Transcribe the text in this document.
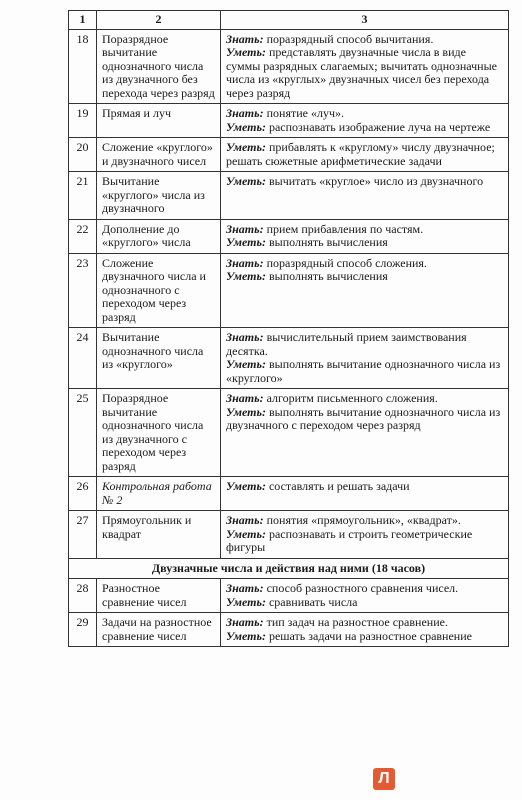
1	2	3
18	Поразрядное вычитание однозначного числа из двузначного без перехода через разряд	Знать: поразрядный способ вычитания.
Уметь: представлять двузначные числа в виде суммы разрядных слагаемых; вычитать однозначные числа из «круглых» двузначных чисел без перехода через разряд

19	Прямая и луч	Знать: понятие «луч».
Уметь: распознавать изображение луча на чертеже

20	Сложение «круглого» и двузначного чисел	Уметь: прибавлять к «круглому» числу двузначное; решать сюжетные арифметические задачи

21	Вычитание «круглого» числа из двузначного	Уметь: вычитать «круглое» число из двузначного

22	Дополнение до «круглого» числа	Знать: прием прибавления по частям.
Уметь: выполнять вычисления

23	Сложение двузначного числа и однозначного с переходом через разряд	Знать: поразрядный способ сложения.
Уметь: выполнять вычисления

24	Вычитание однозначного числа из «круглого»	Знать: вычислительный прием заимствования десятка.
Уметь: выполнять вычитание однозначного числа из «круглого»

25	Поразрядное вычитание однозначного числа из двузначного с переходом через разряд	Знать: алгоритм письменного сложения.
Уметь: выполнять вычитание однозначного числа из двузначного с переходом через разряд

26	Контрольная работа № 2	Уметь: составлять и решать задачи

27	Прямоугольник и квадрат	Знать: понятия «прямоугольник», «квадрат».
Уметь: распознавать и строить геометрические фигуры

Двузначные числа и действия над ними (18 часов)		
28	Разностное сравнение чисел	Знать: способ разностного сравнения чисел.
Уметь: сравнивать числа

29	Задачи на разностное сравнение чисел	Знать: тип задач на разностное сравнение.
Уметь: решать задачи на разностное сравнение
Л
